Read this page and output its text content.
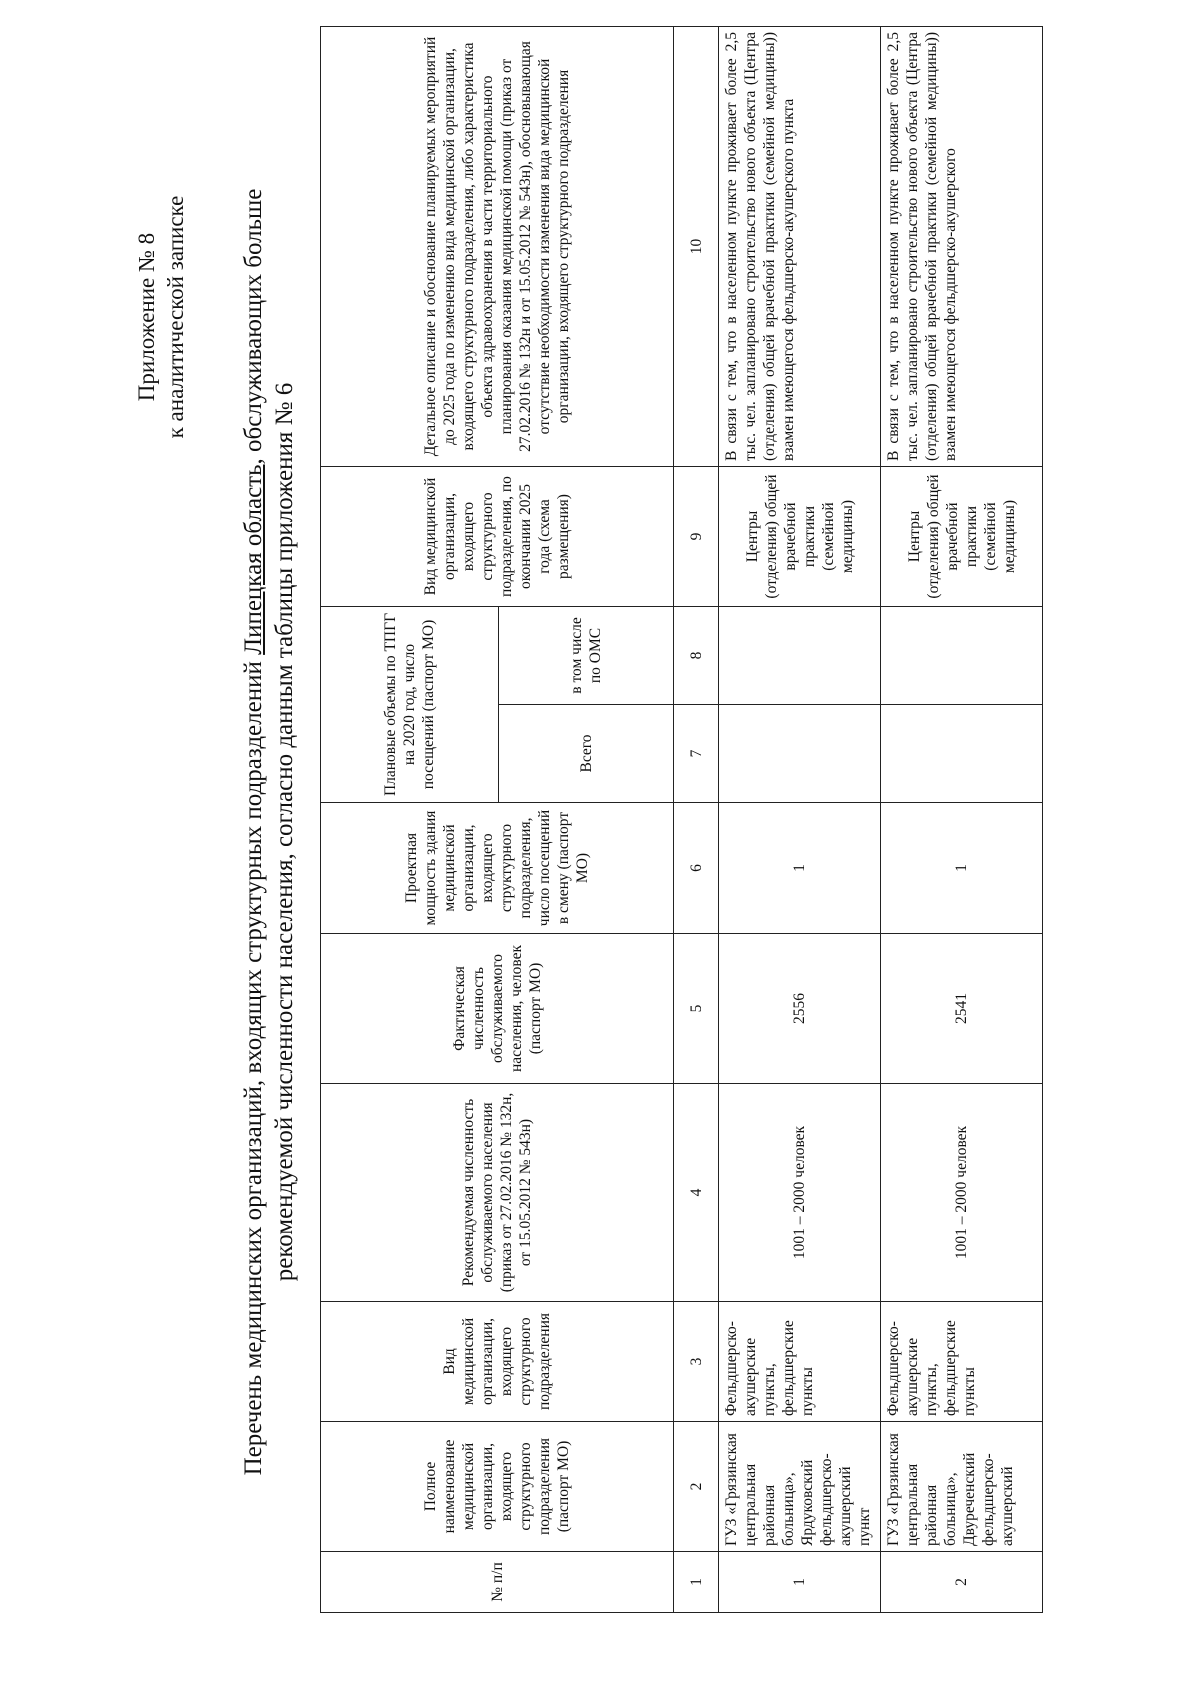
Приложение № 8 к аналитической записке
Перечень медицинских организаций, входящих структурных подразделений Липецкая область, обслуживающих больше
рекомендуемой численности населения, согласно данным таблицы приложения № 6
№ п/п	Полное наименование медицинской организации, входящего структурного подразделения (паспорт МО)	Вид медицинской организации, входящего структурного подразделения	Рекомендуемая численность обслуживаемого населения (приказ от 27.02.2016 № 132н, от 15.05.2012 № 543н)	Фактическая численность обслуживаемого населения, человек (паспорт МО)	Проектная мощность здания медицинской организации, входящего структурного подразделения, число посещений в смену (паспорт МО)	Плановые объемы по ТПГГ на 2020 год, число посещений (паспорт МО)		Вид медицинской организации, входящего структурного подразделения, по окончании 2025 года (схема размещения)	Детальное описание и обоснование планируемых мероприятий до 2025 года по изменению вида медицинской организации, входящего структурного подразделения, либо характеристика объекта здравоохранения в части территориального планирования оказания медицинской помощи (приказ от 27.02.2016 № 132н и от 15.05.2012 № 543н), обосновывающая отсутствие необходимости изменения вида медицинской организации, входящего структурного подразделения
						Всего	в том числе по ОМС		
1	2	3	4	5	6	7	8	9	10
1	ГУЗ «Грязинская центральная районная больница», Ярдуковский фельдшерско-акушерский пункт	Фельдшерско-акушерские пункты, фельдшерские пункты	1001 – 2000 человек	2556	1			Центры (отделения) общей врачебной практики (семейной медицины)	В связи с тем, что в населенном пункте проживает более 2,5 тыс. чел. запланировано строительство нового объекта (Центра (отделения) общей врачебной практики (семейной медицины)) взамен имеющегося фельдшерско-акушерского пункта
2	ГУЗ «Грязинская центральная районная больница», Двуреченский фельдшерско-акушерский	Фельдшерско-акушерские пункты, фельдшерские пункты	1001 – 2000 человек	2541	1			Центры (отделения) общей врачебной практики (семейной медицины)	В связи с тем, что в населенном пункте проживает более 2,5 тыс. чел. запланировано строительство нового объекта (Центра (отделения) общей врачебной практики (семейной медицины)) взамен имеющегося фельдшерско-акушерского
